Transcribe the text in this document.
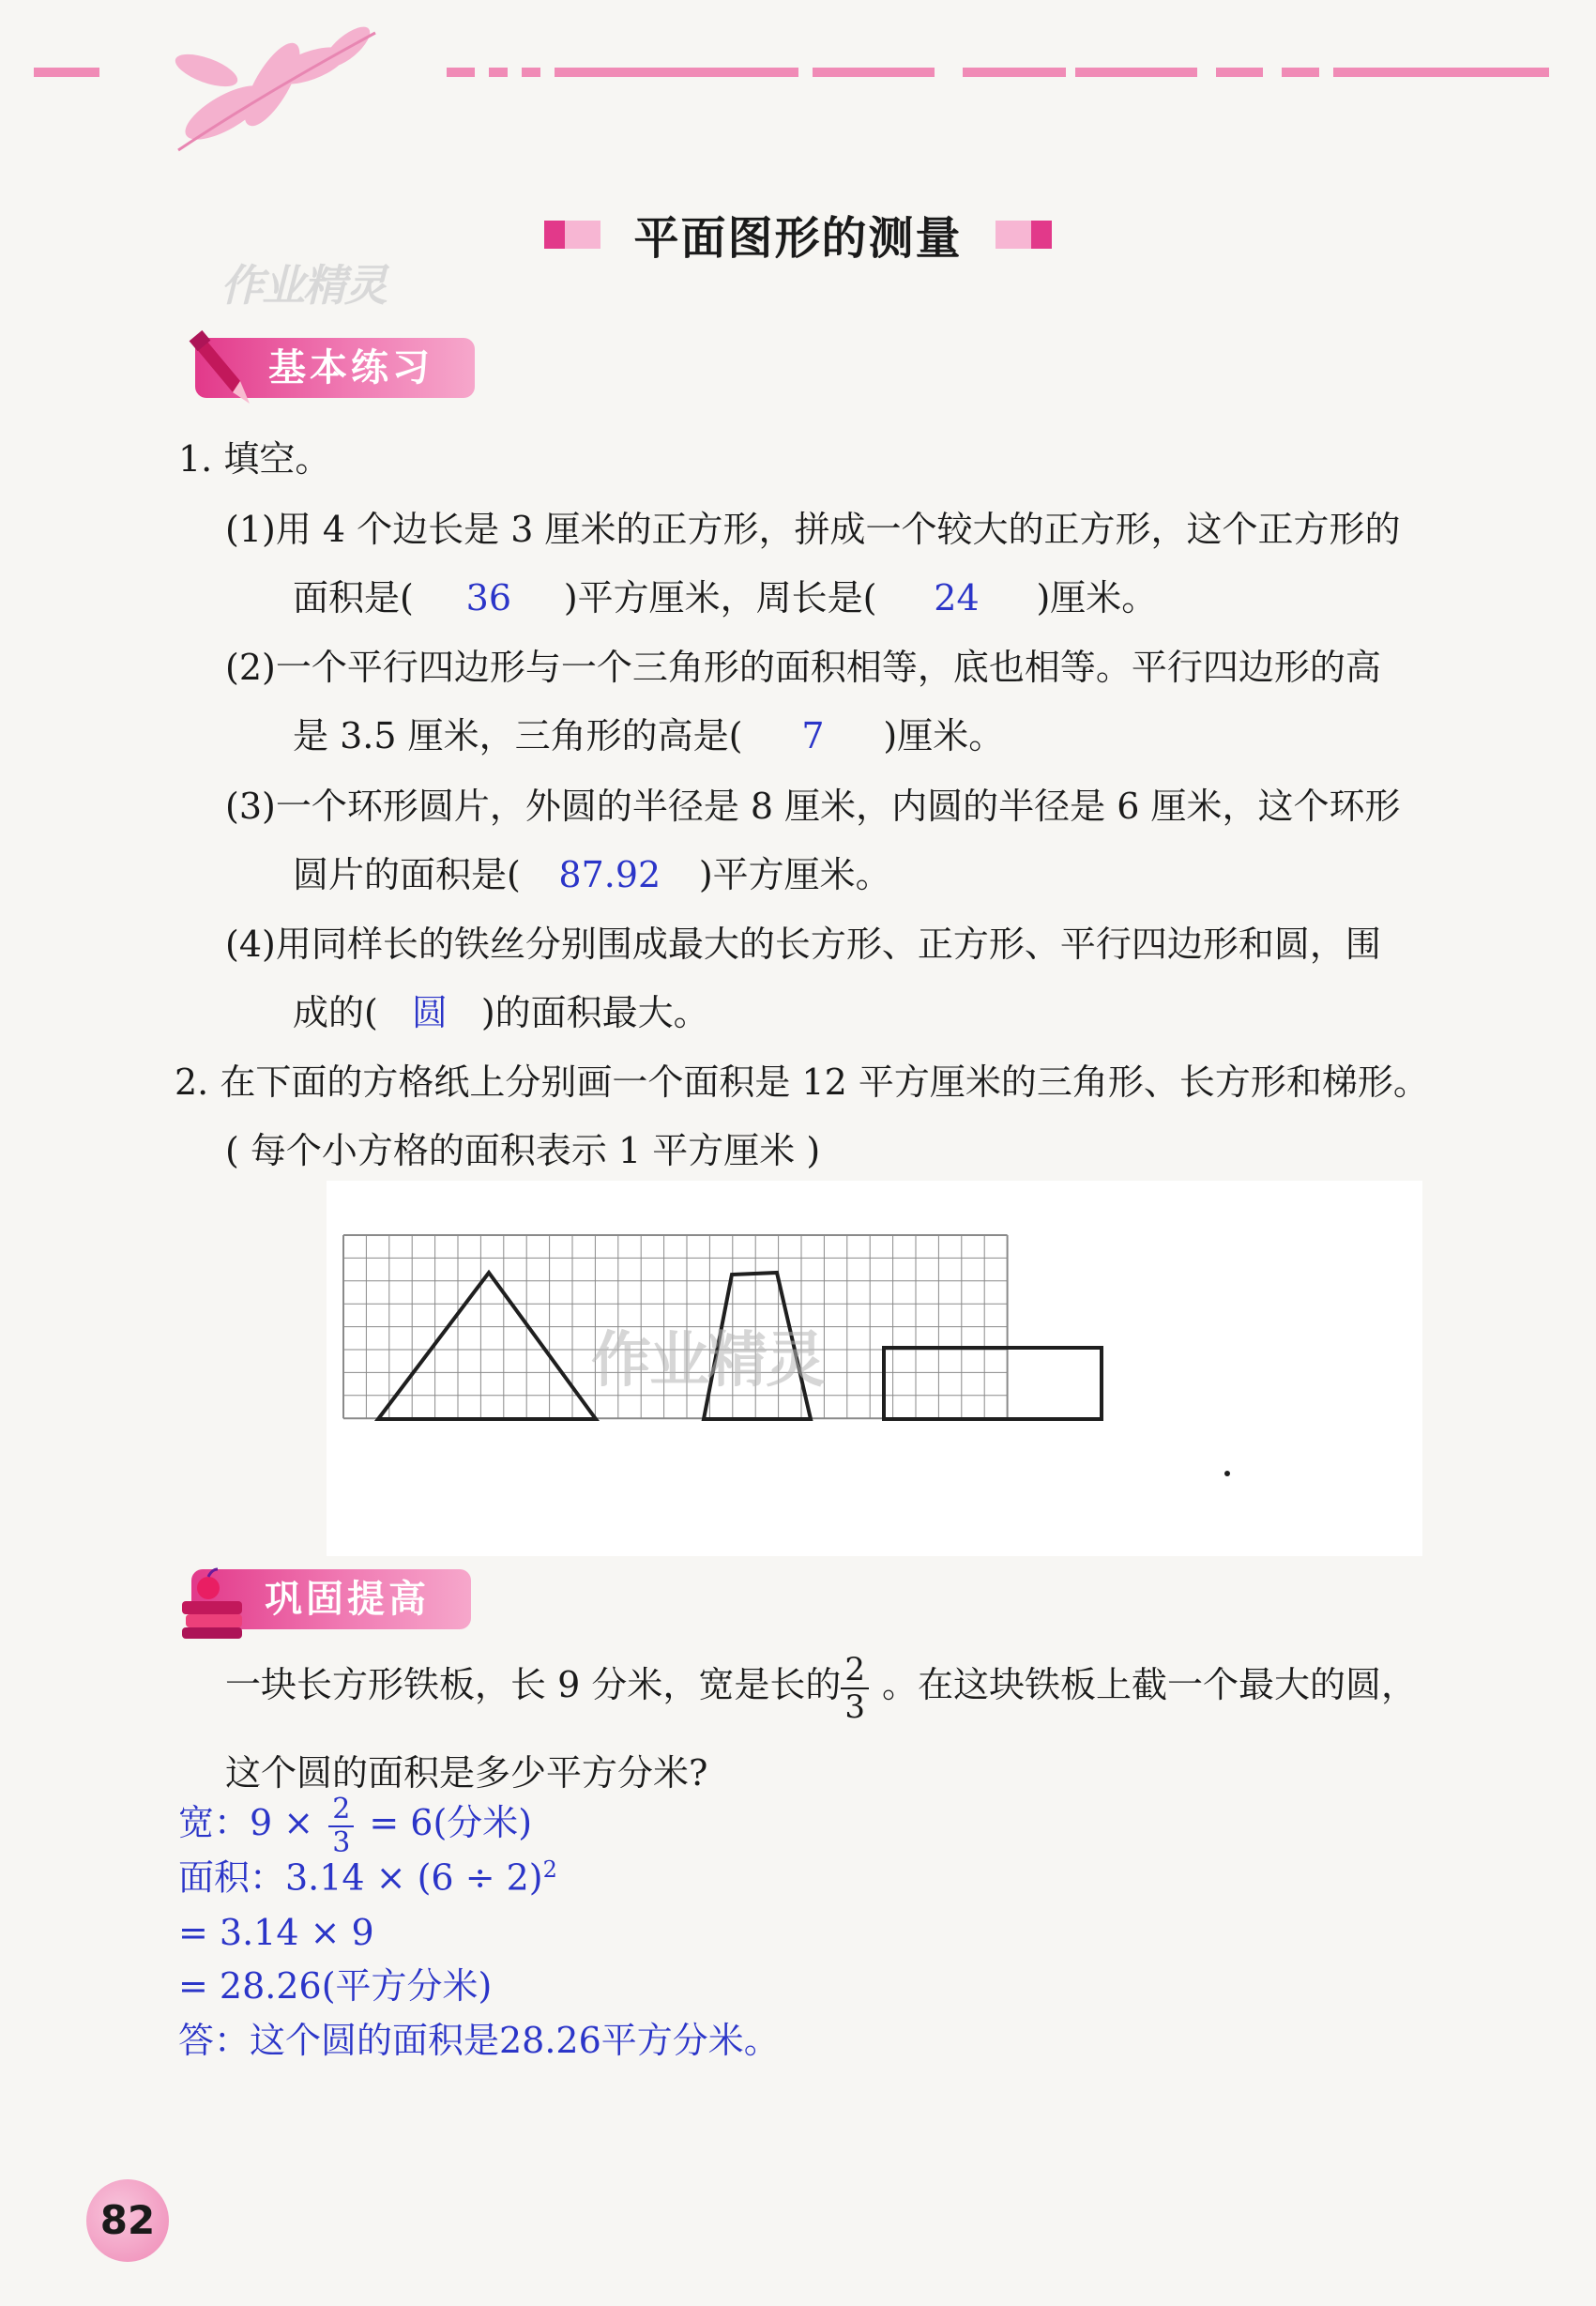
平面图形的测量
作业精灵
基本练习
1. 填空。
(1)用 4 个边长是 3 厘米的正方形，拼成一个较大的正方形，这个正方形的
面积是( 36 )平方厘米，周长是( 24 )厘米。
(2)一个平行四边形与一个三角形的面积相等，底也相等。平行四边形的高
是 3.5 厘米，三角形的高是( 7 )厘米。
(3)一个环形圆片，外圆的半径是 8 厘米，内圆的半径是 6 厘米，这个环形
圆片的面积是( 87.92 )平方厘米。
(4)用同样长的铁丝分别围成最大的长方形、正方形、平行四边形和圆，围
成的( 圆 )的面积最大。
2. 在下面的方格纸上分别画一个面积是 12 平方厘米的三角形、长方形和梯形。
( 每个小方格的面积表示 1 平方厘米 )
作业精灵
巩固提高
一块长方形铁板，长 9 分米，宽是长的 $\frac{2}{3}$ 。在这块铁板上截一个最大的圆，
这个圆的面积是多少平方分米?
宽：$9 \times \frac{2}{3} = 6$(分米)
面积：$3.14 \times (6 \div 2)^2$
= 3.14 × 9
= 28.26(平方分米)
答：这个圆的面积是28.26平方分米。
82
